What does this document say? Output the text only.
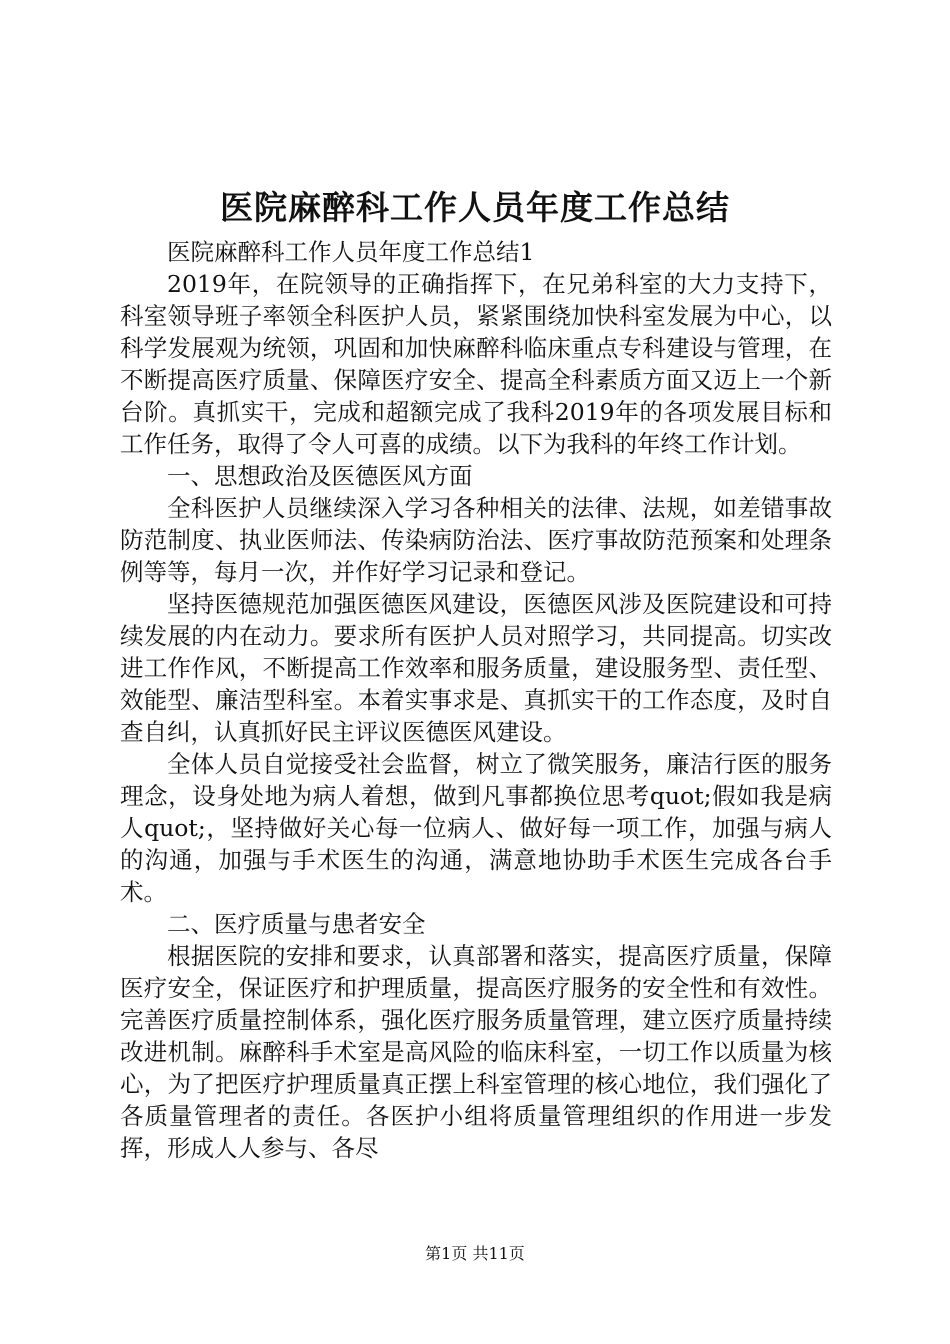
医院麻醉科工作人员年度工作总结

医院麻醉科工作人员年度工作总结1

2019年，在院领导的正确指挥下，在兄弟科室的大力支持下，科室领导班子率领全科医护人员，紧紧围绕加快科室发展为中心，以科学发展观为统领，巩固和加快麻醉科临床重点专科建设与管理，在不断提高医疗质量、保障医疗安全、提高全科素质方面又迈上一个新台阶。真抓实干，完成和超额完成了我科2019年的各项发展目标和工作任务，取得了令人可喜的成绩。以下为我科的年终工作计划。

一、思想政治及医德医风方面

全科医护人员继续深入学习各种相关的法律、法规，如差错事故防范制度、执业医师法、传染病防治法、医疗事故防范预案和处理条例等等，每月一次，并作好学习记录和登记。

坚持医德规范加强医德医风建设，医德医风涉及医院建设和可持续发展的内在动力。要求所有医护人员对照学习，共同提高。切实改进工作作风，不断提高工作效率和服务质量，建设服务型、责任型、效能型、廉洁型科室。本着实事求是、真抓实干的工作态度，及时自查自纠，认真抓好民主评议医德医风建设。

全体人员自觉接受社会监督，树立了微笑服务，廉洁行医的服务理念，设身处地为病人着想，做到凡事都换位思考quot;假如我是病人quot;，坚持做好关心每一位病人、做好每一项工作，加强与病人的沟通，加强与手术医生的沟通，满意地协助手术医生完成各台手术。

二、医疗质量与患者安全

根据医院的安排和要求，认真部署和落实，提高医疗质量，保障医疗安全，保证医疗和护理质量，提高医疗服务的安全性和有效性。完善医疗质量控制体系，强化医疗服务质量管理，建立医疗质量持续改进机制。麻醉科手术室是高风险的临床科室，一切工作以质量为核心，为了把医疗护理质量真正摆上科室管理的核心地位，我们强化了各质量管理者的责任。各医护小组将质量管理组织的作用进一步发挥，形成人人参与、各尽

第1页 共11页
